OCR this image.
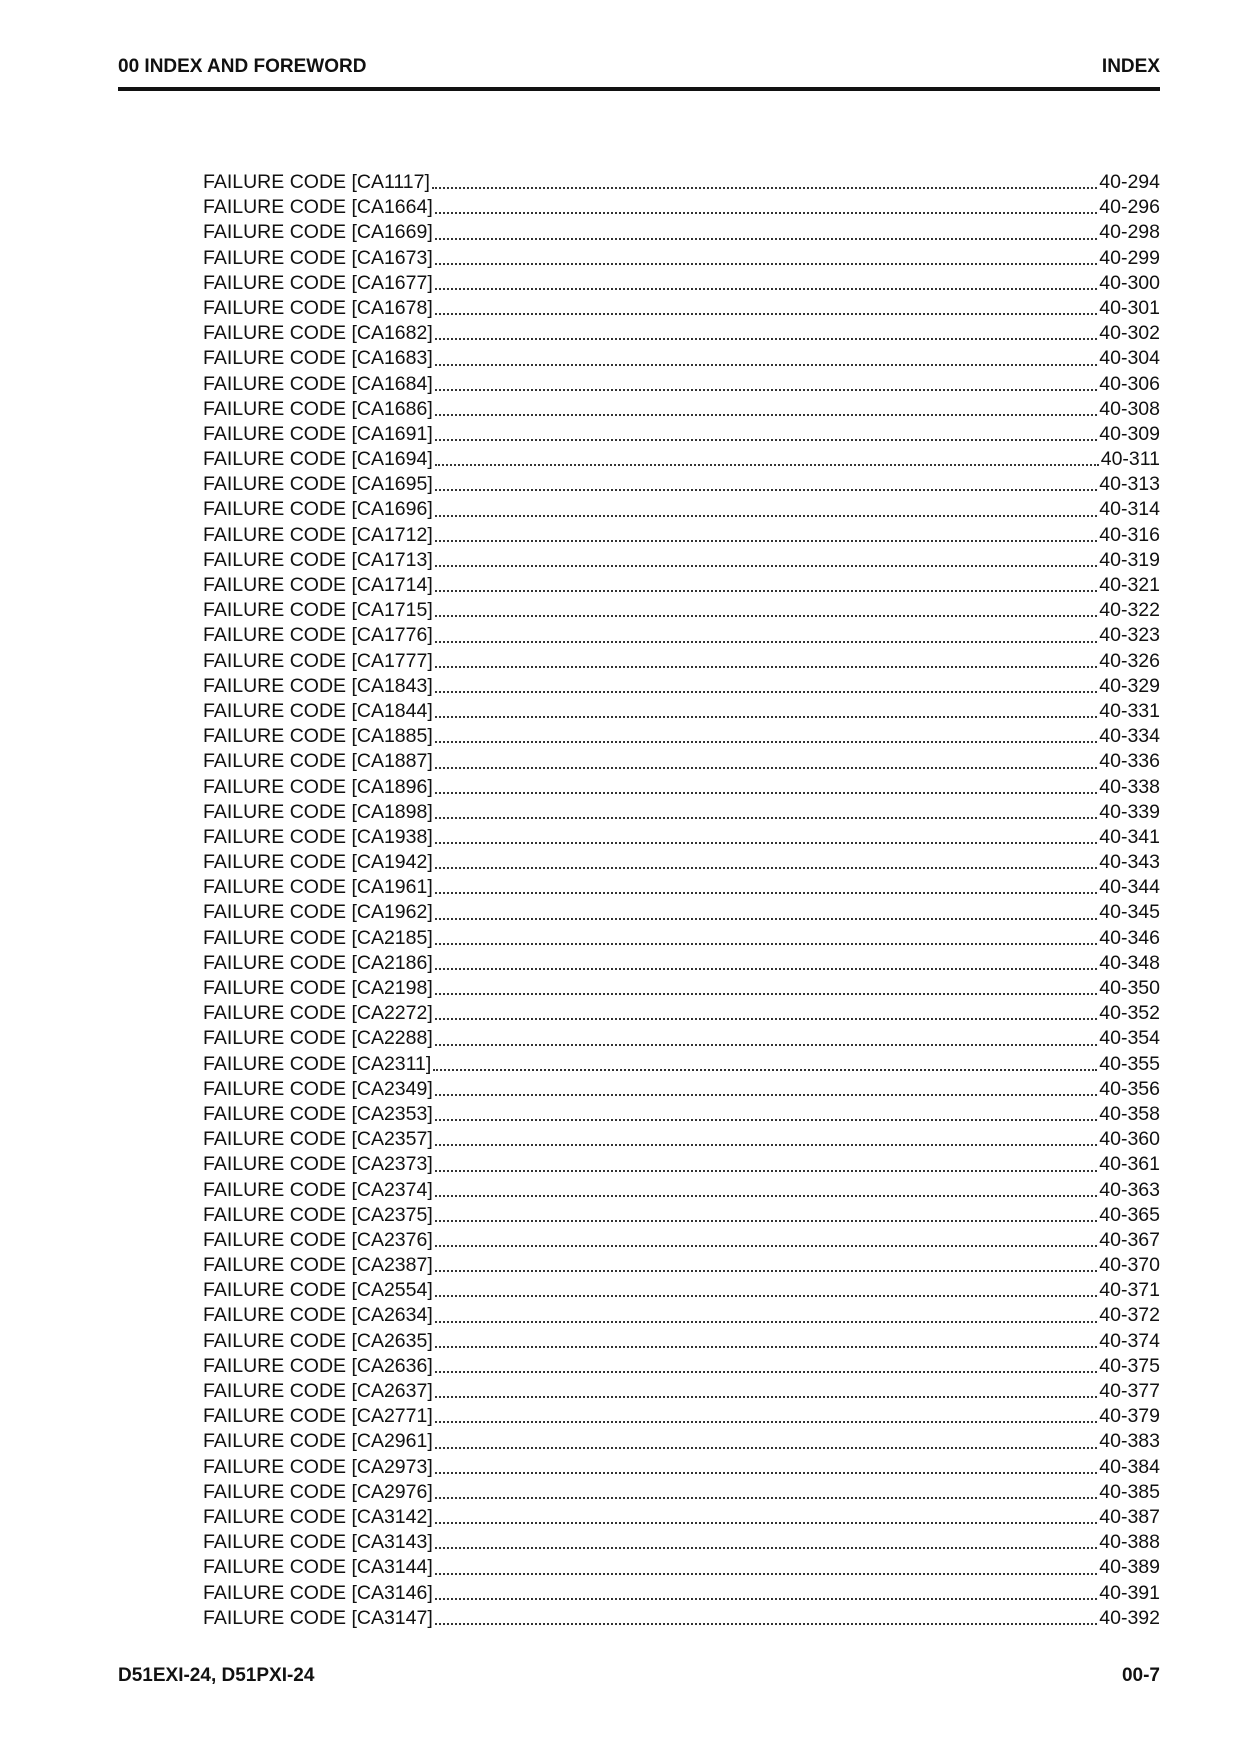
00 INDEX AND FOREWORD	INDEX
FAILURE CODE [CA1117]	40-294
FAILURE CODE [CA1664]	40-296
FAILURE CODE [CA1669]	40-298
FAILURE CODE [CA1673]	40-299
FAILURE CODE [CA1677]	40-300
FAILURE CODE [CA1678]	40-301
FAILURE CODE [CA1682]	40-302
FAILURE CODE [CA1683]	40-304
FAILURE CODE [CA1684]	40-306
FAILURE CODE [CA1686]	40-308
FAILURE CODE [CA1691]	40-309
FAILURE CODE [CA1694]	40-311
FAILURE CODE [CA1695]	40-313
FAILURE CODE [CA1696]	40-314
FAILURE CODE [CA1712]	40-316
FAILURE CODE [CA1713]	40-319
FAILURE CODE [CA1714]	40-321
FAILURE CODE [CA1715]	40-322
FAILURE CODE [CA1776]	40-323
FAILURE CODE [CA1777]	40-326
FAILURE CODE [CA1843]	40-329
FAILURE CODE [CA1844]	40-331
FAILURE CODE [CA1885]	40-334
FAILURE CODE [CA1887]	40-336
FAILURE CODE [CA1896]	40-338
FAILURE CODE [CA1898]	40-339
FAILURE CODE [CA1938]	40-341
FAILURE CODE [CA1942]	40-343
FAILURE CODE [CA1961]	40-344
FAILURE CODE [CA1962]	40-345
FAILURE CODE [CA2185]	40-346
FAILURE CODE [CA2186]	40-348
FAILURE CODE [CA2198]	40-350
FAILURE CODE [CA2272]	40-352
FAILURE CODE [CA2288]	40-354
FAILURE CODE [CA2311]	40-355
FAILURE CODE [CA2349]	40-356
FAILURE CODE [CA2353]	40-358
FAILURE CODE [CA2357]	40-360
FAILURE CODE [CA2373]	40-361
FAILURE CODE [CA2374]	40-363
FAILURE CODE [CA2375]	40-365
FAILURE CODE [CA2376]	40-367
FAILURE CODE [CA2387]	40-370
FAILURE CODE [CA2554]	40-371
FAILURE CODE [CA2634]	40-372
FAILURE CODE [CA2635]	40-374
FAILURE CODE [CA2636]	40-375
FAILURE CODE [CA2637]	40-377
FAILURE CODE [CA2771]	40-379
FAILURE CODE [CA2961]	40-383
FAILURE CODE [CA2973]	40-384
FAILURE CODE [CA2976]	40-385
FAILURE CODE [CA3142]	40-387
FAILURE CODE [CA3143]	40-388
FAILURE CODE [CA3144]	40-389
FAILURE CODE [CA3146]	40-391
FAILURE CODE [CA3147]	40-392
D51EXI-24, D51PXI-24	00-7
